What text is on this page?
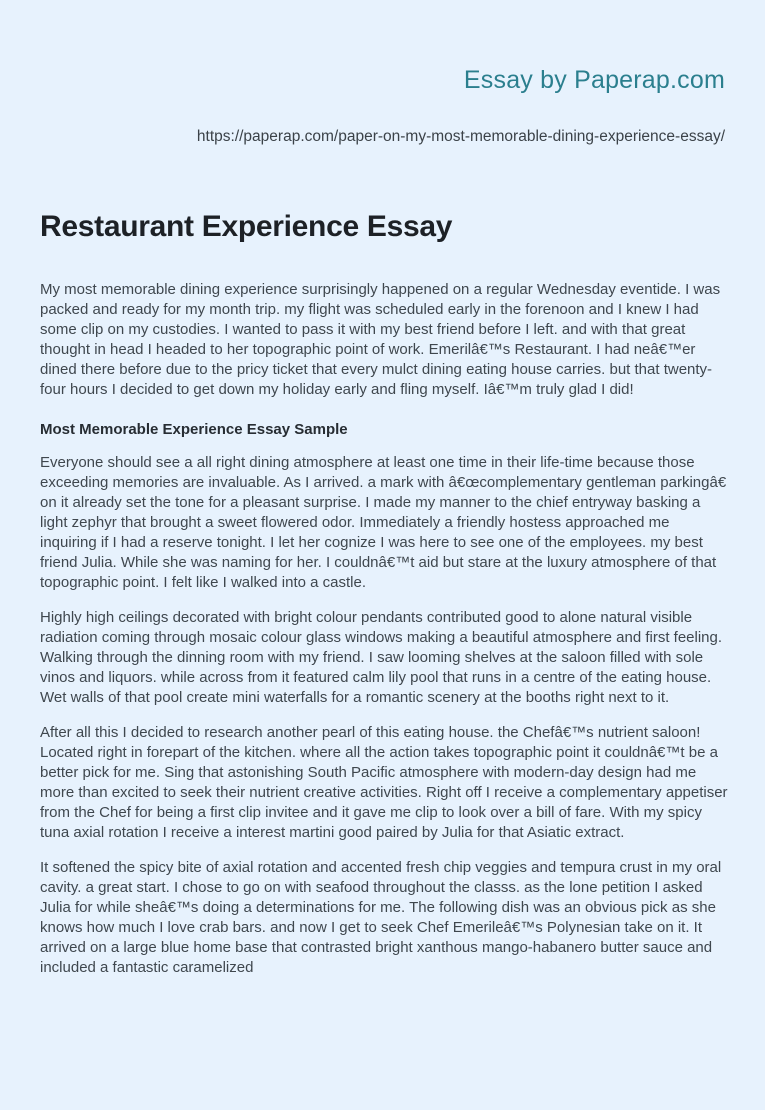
Essay by Paperap.com
https://paperap.com/paper-on-my-most-memorable-dining-experience-essay/
Restaurant Experience Essay

My most memorable dining experience surprisingly happened on a regular Wednesday eventide. I was packed and ready for my month trip. my flight was scheduled early in the forenoon and I knew I had some clip on my custodies. I wanted to pass it with my best friend before I left. and with that great thought in head I headed to her topographic point of work. Emerilâ€™s Restaurant. I had neâ€™er dined there before due to the pricy ticket that every mulct dining eating house carries. but that twenty-four hours I decided to get down my holiday early and fling myself. Iâ€™m truly glad I did!

Most Memorable Experience Essay Sample

Everyone should see a all right dining atmosphere at least one time in their life-time because those exceeding memories are invaluable. As I arrived. a mark with â€œcomplementary gentleman parkingâ€ on it already set the tone for a pleasant surprise. I made my manner to the chief entryway basking a light zephyr that brought a sweet flowered odor. Immediately a friendly hostess approached me inquiring if I had a reserve tonight. I let her cognize I was here to see one of the employees. my best friend Julia. While she was naming for her. I couldnâ€™t aid but stare at the luxury atmosphere of that topographic point. I felt like I walked into a castle.

Highly high ceilings decorated with bright colour pendants contributed good to alone natural visible radiation coming through mosaic colour glass windows making a beautiful atmosphere and first feeling. Walking through the dinning room with my friend. I saw looming shelves at the saloon filled with sole vinos and liquors. while across from it featured calm lily pool that runs in a centre of the eating house. Wet walls of that pool create mini waterfalls for a romantic scenery at the booths right next to it.

After all this I decided to research another pearl of this eating house. the Chefâ€™s nutrient saloon! Located right in forepart of the kitchen. where all the action takes topographic point it couldnâ€™t be a better pick for me. Sing that astonishing South Pacific atmosphere with modern-day design had me more than excited to seek their nutrient creative activities. Right off I receive a complementary appetiser from the Chef for being a first clip invitee and it gave me clip to look over a bill of fare. With my spicy tuna axial rotation I receive a interest martini good paired by Julia for that Asiatic extract.

It softened the spicy bite of axial rotation and accented fresh chip veggies and tempura crust in my oral cavity. a great start. I chose to go on with seafood throughout the classs. as the lone petition I asked Julia for while sheâ€™s doing a determinations for me. The following dish was an obvious pick as she knows how much I love crab bars. and now I get to seek Chef Emerileâ€™s Polynesian take on it. It arrived on a large blue home base that contrasted bright xanthous mango-habanero butter sauce and included a fantastic caramelized
